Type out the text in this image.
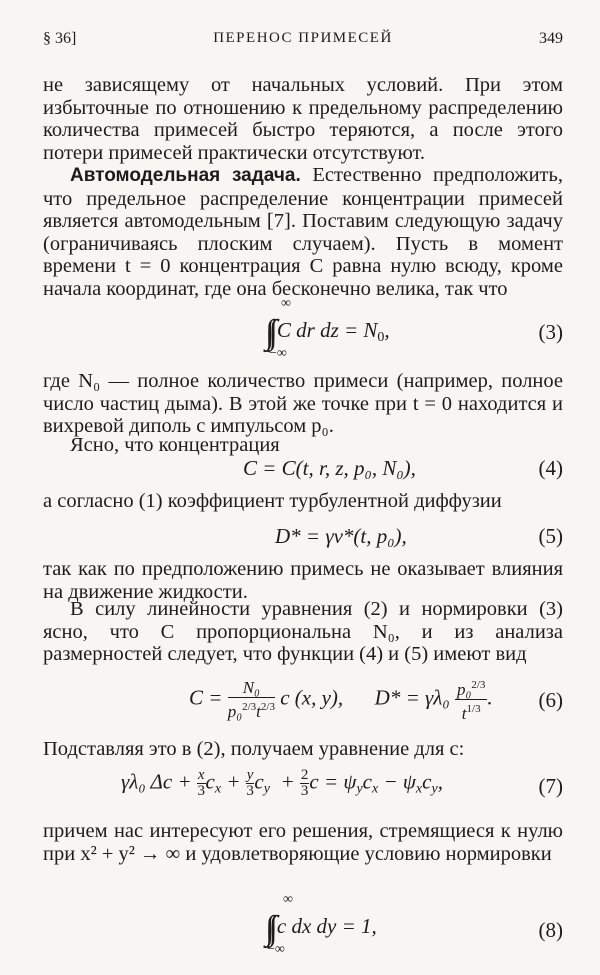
§ 36]	ПЕРЕНОС ПРИМЕСЕЙ	349
не зависящему от начальных условий. При этом избыточные по отношению к предельному распределению количества примесей быстро теряются, а после этого потери примесей практически отсутствуют.
Автомодельная задача. Естественно предположить, что предельное распределение концентрации примесей является автомодельным [7]. Поставим следующую задачу (ограничиваясь плоским случаем). Пусть в момент времени t = 0 концентрация C равна нулю всюду, кроме начала координат, где она бесконечно велика, так что
∞
∫∫ C dr dz = $N_0$,
−∞
(3)
где N₀ — полное количество примеси (например, полное число частиц дыма). В этой же точке при t = 0 находится и вихревой диполь с импульсом p₀.
Ясно, что концентрация
C = C(t, r, z, p₀, N₀),	(4)
а согласно (1) коэффициент турбулентной диффузии
D* = γν*(t, p₀),	(5)
так как по предположению примесь не оказывает влияния на движение жидкости.
В силу линейности уравнения (2) и нормировки (3) ясно, что C пропорциональна N₀, и из анализа размерностей следует, что функции (4) и (5) имеют вид
$C = \frac{\text{N₀}}{p_0^{2/3}t^{2/3}}$ c (x, y), $D* = \gamma\lambda_0 \frac{p_0^{2/3}}{t^{1/3}}$ . (6)
Подставляя это в (2), получаем уравнение для c:
γλ₀ $\Delta c + \frac{x}{3} c_x + \frac{y}{3} c_y + \frac{2}{3}$ $c = \psi_yc_x - \psi_xc_y$,	(7)
причем нас интересуют его решения, стремящиеся к нулю при x² + y² → ∞ и удовлетворяющие условию нормировки
∞
∫∫ c dx dy = 1,
−∞
(8)
